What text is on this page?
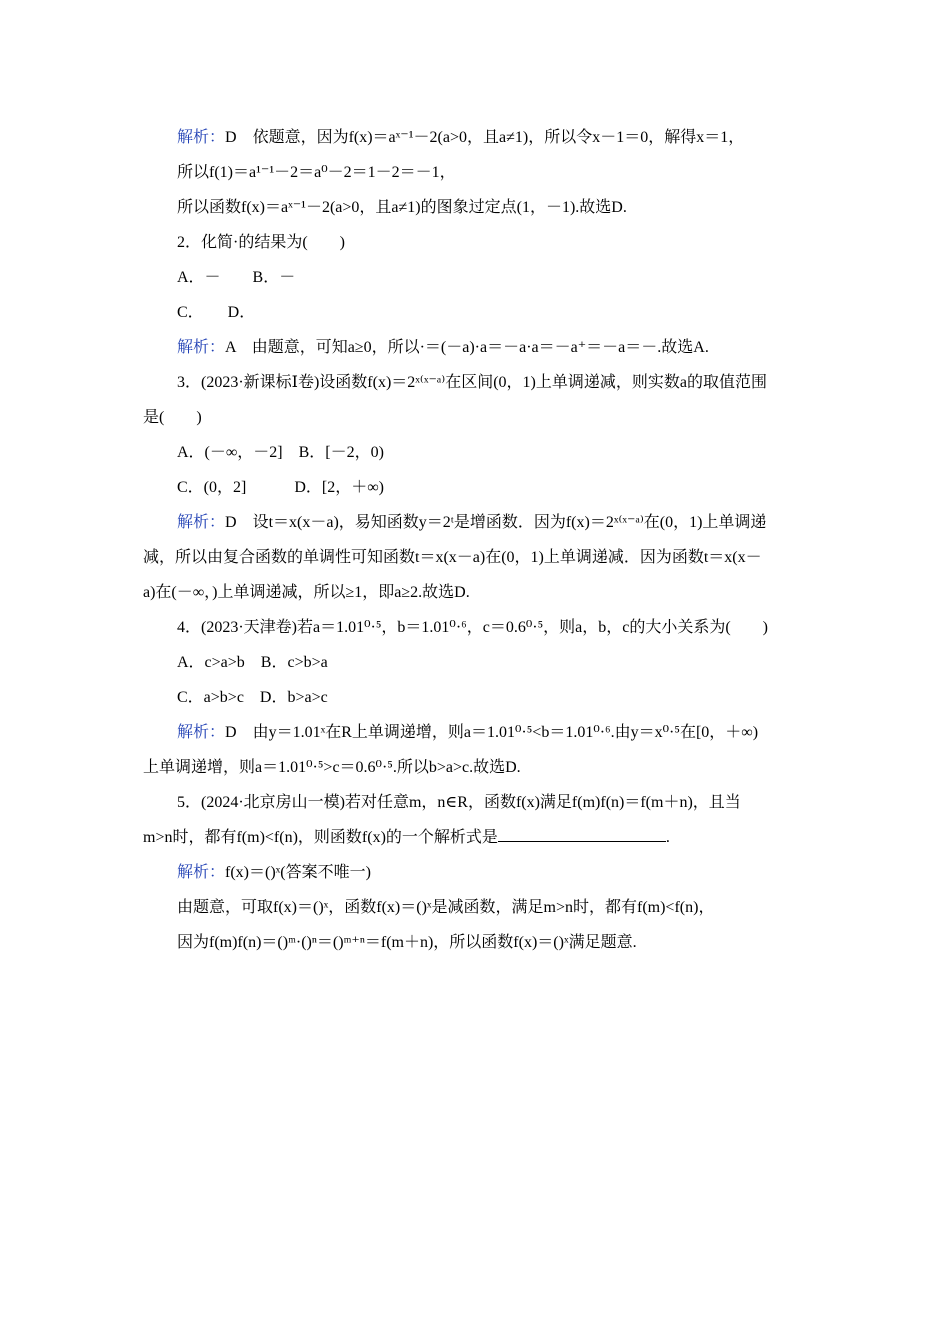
解析：D　依题意，因为f(x)＝aˣ⁻¹－2(a>0，且a≠1)，所以令x－1＝0，解得x＝1，
所以f(1)＝a¹⁻¹－2＝a⁰－2＝1－2＝－1，
所以函数f(x)＝aˣ⁻¹－2(a>0，且a≠1)的图象过定点(1，－1).故选D.
2．化简·的结果为(　　)
A．－　　B．－
C．　　D．
解析：A　由题意，可知a≥0，所以·＝(－a)·a＝－a·a＝－a⁺＝－a＝－.故选A.
3．(2023·新课标Ⅰ卷)设函数f(x)＝2ˣ⁽ˣ⁻ᵃ⁾在区间(0，1)上单调递减，则实数a的取值范围
是(　　)
A．(－∞，－2]　B．[－2，0)
C．(0，2]　　　D．[2，＋∞)
解析：D　设t＝x(x－a)，易知函数y＝2ᵗ是增函数．因为f(x)＝2ˣ⁽ˣ⁻ᵃ⁾在(0，1)上单调递
减，所以由复合函数的单调性可知函数t＝x(x－a)在(0，1)上单调递减．因为函数t＝x(x－
a)在(－∞，)上单调递减，所以≥1，即a≥2.故选D.
4．(2023·天津卷)若a＝1.01⁰·⁵，b＝1.01⁰·⁶，c＝0.6⁰·⁵，则a，b，c的大小关系为(　　)
A．c>a>b　B．c>b>a
C．a>b>c　D．b>a>c
解析：D　由y＝1.01ˣ在R上单调递增，则a＝1.01⁰·⁵<b＝1.01⁰·⁶.由y＝x⁰·⁵在[0，＋∞)
上单调递增，则a＝1.01⁰·⁵>c＝0.6⁰·⁵.所以b>a>c.故选D.
5．(2024·北京房山一模)若对任意m，n∈R，函数f(x)满足f(m)f(n)＝f(m＋n)，且当
m>n时，都有f(m)<f(n)，则函数f(x)的一个解析式是	.
解析：f(x)＝()ˣ(答案不唯一)
由题意，可取f(x)＝()ˣ，函数f(x)＝()ˣ是减函数，满足m>n时，都有f(m)<f(n)，
因为f(m)f(n)＝()ᵐ·()ⁿ＝()ᵐ⁺ⁿ＝f(m＋n)，所以函数f(x)＝()ˣ满足题意.
